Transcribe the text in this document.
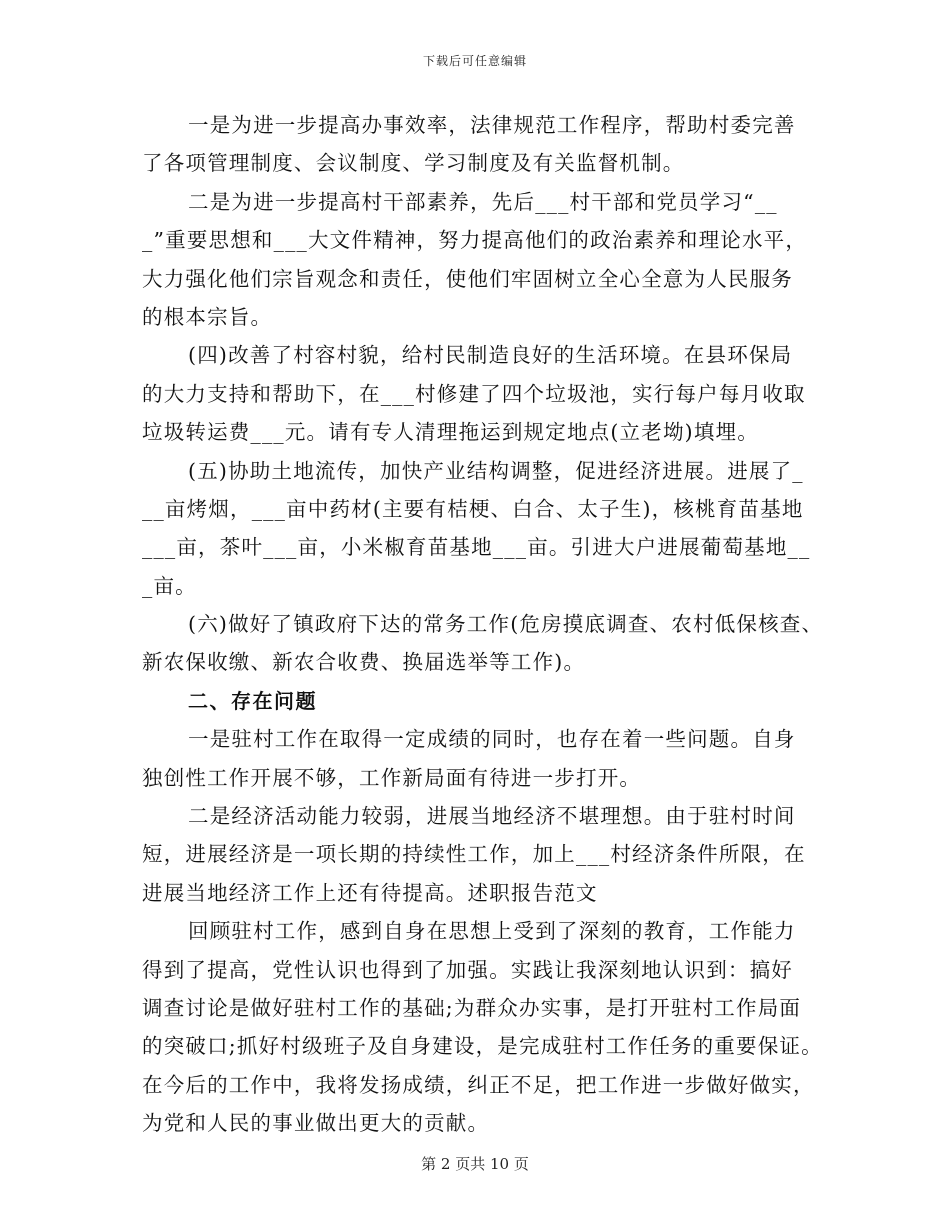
下载后可任意编辑
一是为进一步提高办事效率，法律规范工作程序，帮助村委完善
了各项管理制度、会议制度、学习制度及有关监督机制。
二是为进一步提高村干部素养，先后___村干部和党员学习“__
_”重要思想和___大文件精神，努力提高他们的政治素养和理论水平，
大力强化他们宗旨观念和责任，使他们牢固树立全心全意为人民服务
的根本宗旨。
(四)改善了村容村貌，给村民制造良好的生活环境。在县环保局
的大力支持和帮助下，在___村修建了四个垃圾池，实行每户每月收取
垃圾转运费___元。请有专人清理拖运到规定地点(立老坳)填埋。
(五)协助土地流传，加快产业结构调整，促进经济进展。进展了_
__亩烤烟，___亩中药材(主要有桔梗、白合、太子生)，核桃育苗基地
___亩，茶叶___亩，小米椒育苗基地___亩。引进大户进展葡萄基地__
_亩。
(六)做好了镇政府下达的常务工作(危房摸底调查、农村低保核查、
新农保收缴、新农合收费、换届选举等工作)。
二、存在问题
一是驻村工作在取得一定成绩的同时，也存在着一些问题。自身
独创性工作开展不够，工作新局面有待进一步打开。
二是经济活动能力较弱，进展当地经济不堪理想。由于驻村时间
短，进展经济是一项长期的持续性工作，加上___村经济条件所限，在
进展当地经济工作上还有待提高。述职报告范文
回顾驻村工作，感到自身在思想上受到了深刻的教育，工作能力
得到了提高，党性认识也得到了加强。实践让我深刻地认识到：搞好
调查讨论是做好驻村工作的基础;为群众办实事，是打开驻村工作局面
的突破口;抓好村级班子及自身建设，是完成驻村工作任务的重要保证。
在今后的工作中，我将发扬成绩，纠正不足，把工作进一步做好做实，
为党和人民的事业做出更大的贡献。
第 2 页共 10 页
